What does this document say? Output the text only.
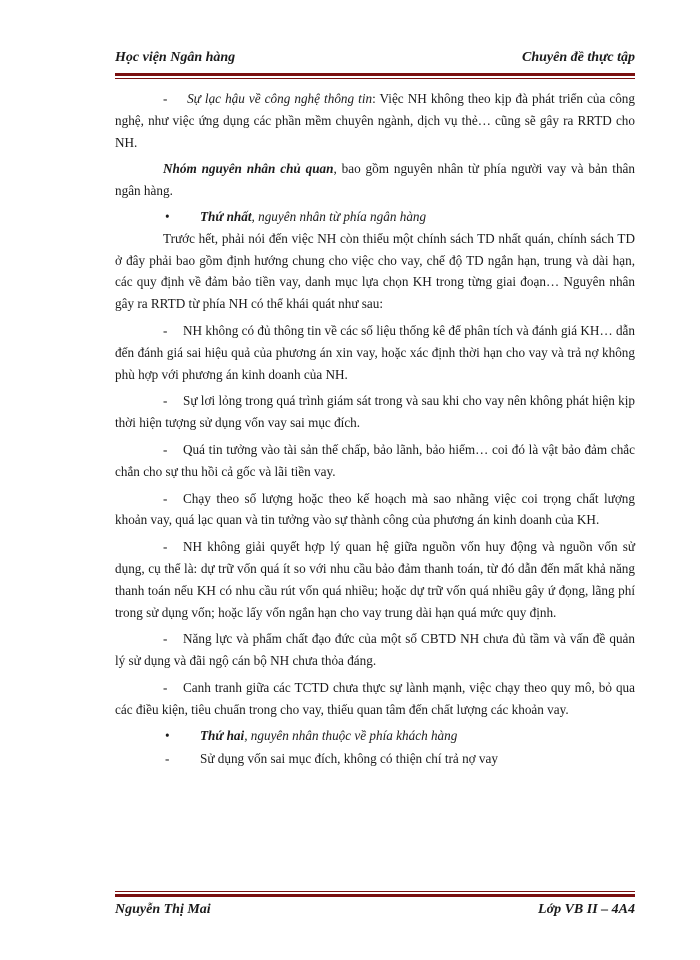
Học viện Ngân hàng	Chuyên đề thực tập

- Sự lạc hậu về công nghệ thông tin: Việc NH không theo kịp đà phát triển của công nghệ, như việc ứng dụng các phần mềm chuyên ngành, dịch vụ thẻ… cũng sẽ gây ra RRTD cho NH.

Nhóm nguyên nhân chủ quan, bao gồm nguyên nhân từ phía người vay và bản thân ngân hàng.

•	Thứ nhất, nguyên nhân từ phía ngân hàng

Trước hết, phải nói đến việc NH còn thiếu một chính sách TD nhất quán, chính sách TD ở đây phải bao gồm định hướng chung cho việc cho vay, chế độ TD ngắn hạn, trung và dài hạn, các quy định về đảm bảo tiền vay, danh mục lựa chọn KH trong từng giai đoạn… Nguyên nhân gây ra RRTD từ phía NH có thể khái quát như sau:

- NH không có đủ thông tin về các số liệu thống kê để phân tích và đánh giá KH… dẫn đến đánh giá sai hiệu quả của phương án xin vay, hoặc xác định thời hạn cho vay và trả nợ không phù hợp với phương án kinh doanh của NH.

- Sự lơi lỏng trong quá trình giám sát trong và sau khi cho vay nên không phát hiện kịp thời hiện tượng sử dụng vốn vay sai mục đích.

- Quá tin tưởng vào tài sản thế chấp, bảo lãnh, bảo hiểm… coi đó là vật bảo đảm chắc chắn cho sự thu hồi cả gốc và lãi tiền vay.

- Chạy theo số lượng hoặc theo kế hoạch mà sao nhãng việc coi trọng chất lượng khoản vay, quá lạc quan và tin tưởng vào sự thành công của phương án kinh doanh của KH.

- NH không giải quyết hợp lý quan hệ giữa nguồn vốn huy động và nguồn vốn sử dụng, cụ thể là: dự trữ vốn quá ít so với nhu cầu bảo đảm thanh toán, từ đó dẫn đến mất khả năng thanh toán nếu KH có nhu cầu rút vốn quá nhiều; hoặc dự trữ vốn quá nhiều gây ứ đọng, lãng phí trong sử dụng vốn; hoặc lấy vốn ngắn hạn cho vay trung dài hạn quá mức quy định.

- Năng lực và phẩm chất đạo đức của một số CBTD NH chưa đủ tầm và vấn đề quản lý sử dụng và đãi ngộ cán bộ NH chưa thỏa đáng.

- Canh tranh giữa các TCTD chưa thực sự lành mạnh, việc chạy theo quy mô, bỏ qua các điều kiện, tiêu chuẩn trong cho vay, thiếu quan tâm đến chất lượng các khoản vay.

•	Thứ hai, nguyên nhân thuộc về phía khách hàng
-	Sử dụng vốn sai mục đích, không có thiện chí trả nợ vay
Nguyễn Thị Mai	Lớp VB II – 4A4
